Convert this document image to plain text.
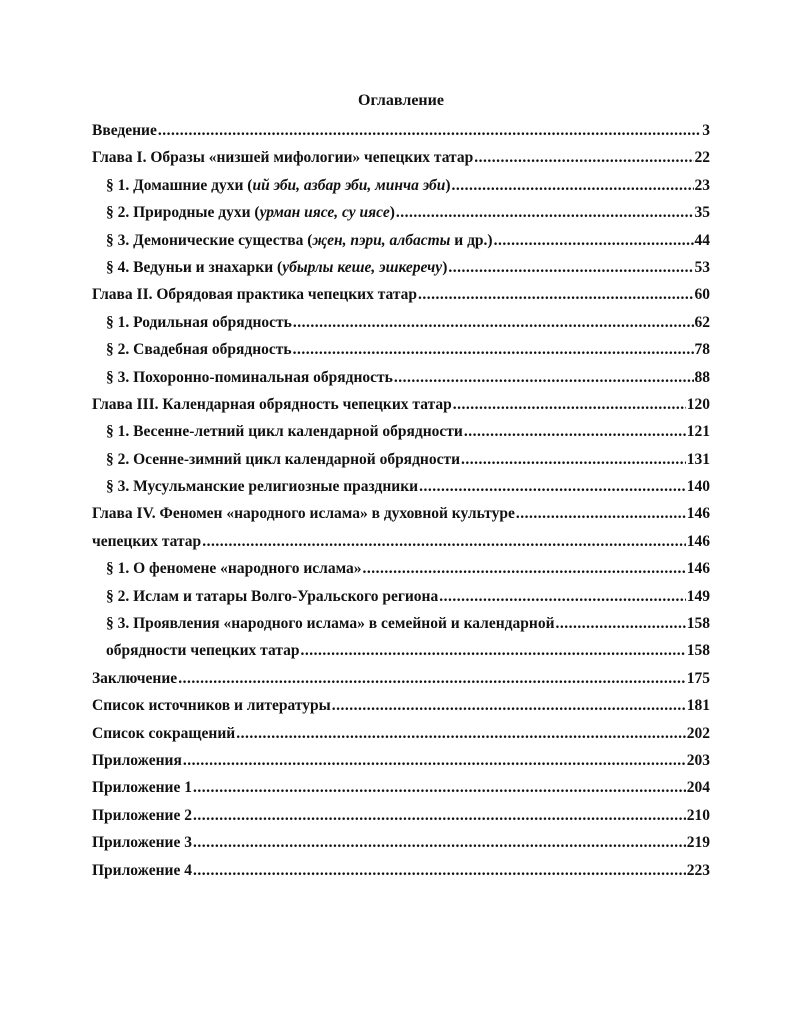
Оглавление
Введение .....	3
Глава I. Образы «низшей мифологии» чепецких татар .....	22
§ 1. Домашние духи (ий эби, азбар эби, минча эби) .....	23
§ 2. Природные духи (урман иясе, су иясе) .....	35
§ 3. Демонические существа (җен, пэри, албасты и др.) .....	44
§ 4. Ведуньи и знахарки (убырлы кеше, эшкеречу) .....	53
Глава II. Обрядовая практика чепецких татар .....	60
§ 1. Родильная обрядность .....	62
§ 2. Свадебная обрядность .....	78
§ 3. Похоронно-поминальная обрядность .....	88
Глава III. Календарная обрядность чепецких татар .....	120
§ 1. Весенне-летний цикл календарной обрядности .....	121
§ 2. Осенне-зимний цикл календарной обрядности .....	131
§ 3. Мусульманские религиозные праздники .....	140
Глава IV. Феномен «народного ислама» в духовной культуре .....	146
чепецких татар .....	146
§ 1. О феномене «народного ислама» .....	146
§ 2. Ислам и татары Волго-Уральского региона .....	149
§ 3. Проявления «народного ислама» в семейной и календарной .....	158
обрядности чепецких татар .....	158
Заключение .....	175
Список источников и литературы .....	181
Список сокращений .....	202
Приложения .....	203
Приложение 1 .....	204
Приложение 2 .....	210
Приложение 3 .....	219
Приложение 4 .....	223
